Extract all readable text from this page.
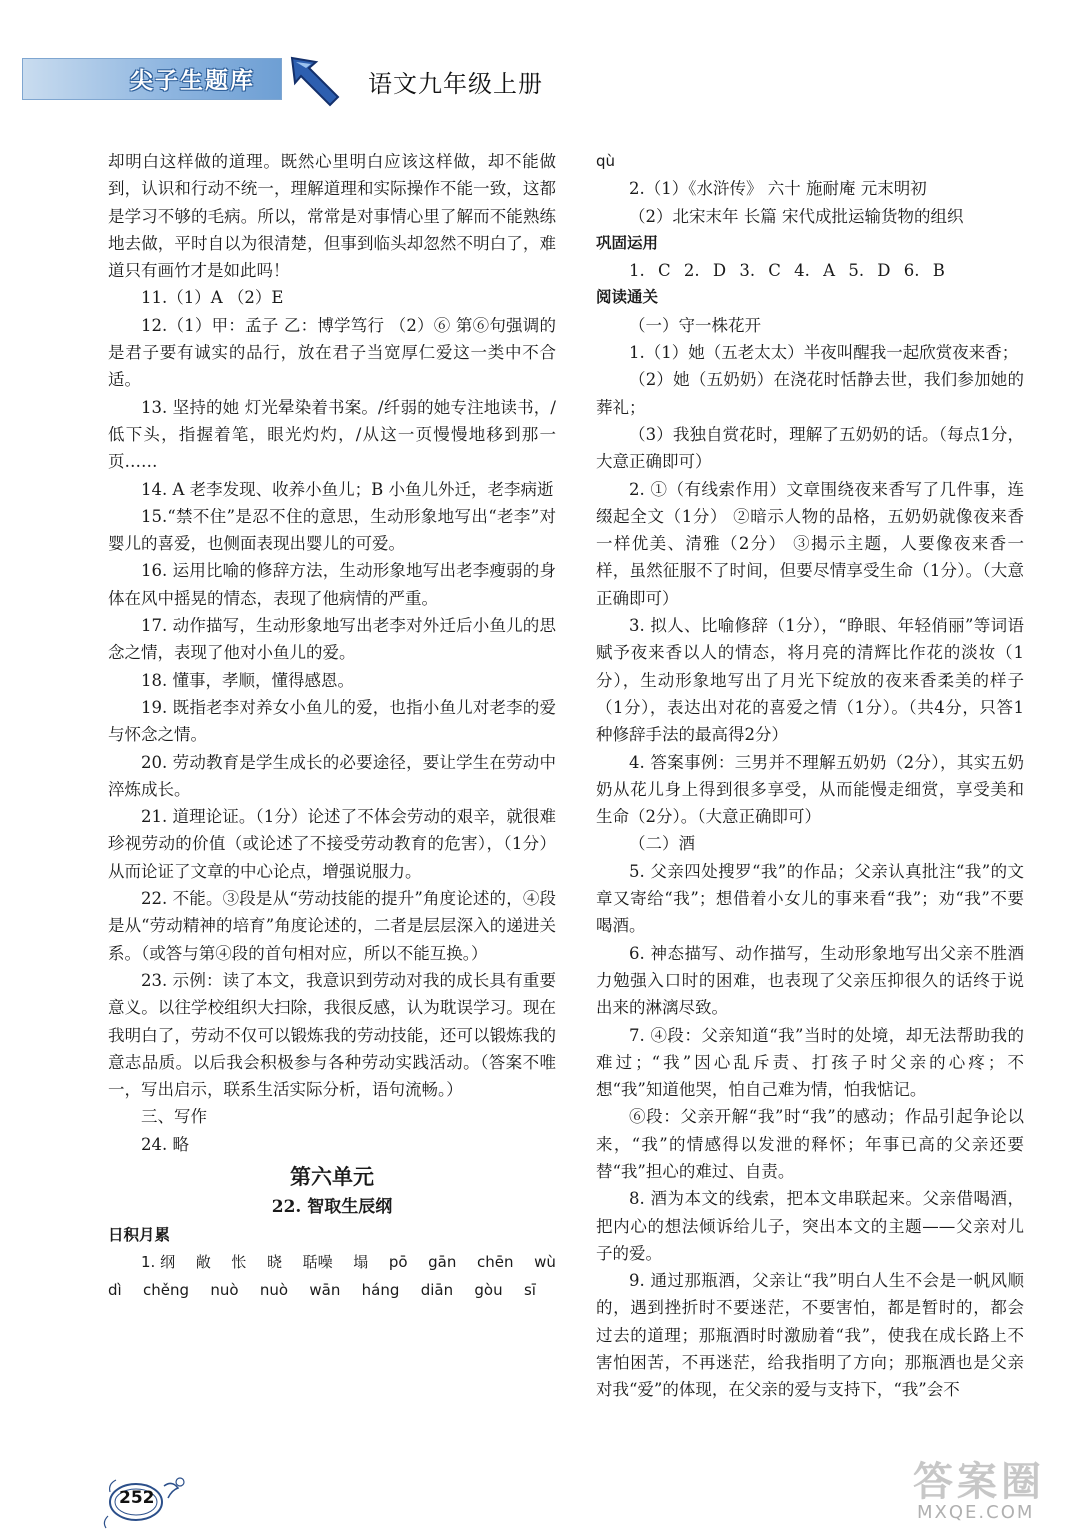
尖子生题库	语文九年级上册

却明白这样做的道理。既然心里明白应该这样做，却不能做到，认识和行动不统一，理解道理和实际操作不能一致，这都是学习不够的毛病。所以，常常是对事情心里了解而不能熟练地去做，平时自以为很清楚，但事到临头却忽然不明白了，难道只有画竹才是如此吗！

11.（1）A （2）E

12.（1）甲：孟子 乙：博学笃行 （2）⑥ 第⑥句强调的是君子要有诚实的品行，放在君子当宽厚仁爱这一类中不合适。

13. 坚持的她 灯光晕染着书案。/纤弱的她专注地读书，/低下头，指握着笔，眼光灼灼，/从这一页慢慢地移到那一页……

14. A 老李发现、收养小鱼儿；B 小鱼儿外迁，老李病逝

15.“禁不住”是忍不住的意思，生动形象地写出“老李”对婴儿的喜爱，也侧面表现出婴儿的可爱。

16. 运用比喻的修辞方法，生动形象地写出老李瘦弱的身体在风中摇晃的情态，表现了他病情的严重。

17. 动作描写，生动形象地写出老李对外迁后小鱼儿的思念之情，表现了他对小鱼儿的爱。

18. 懂事，孝顺，懂得感恩。

19. 既指老李对养女小鱼儿的爱，也指小鱼儿对老李的爱与怀念之情。

20. 劳动教育是学生成长的必要途径，要让学生在劳动中淬炼成长。

21. 道理论证。（1分）论述了不体会劳动的艰辛，就很难珍视劳动的价值（或论述了不接受劳动教育的危害），（1分）从而论证了文章的中心论点，增强说服力。

22. 不能。③段是从“劳动技能的提升”角度论述的，④段是从“劳动精神的培育”角度论述的，二者是层层深入的递进关系。（或答与第④段的首句相对应，所以不能互换。）

23. 示例：读了本文，我意识到劳动对我的成长具有重要意义。以往学校组织大扫除，我很反感，认为耽误学习。现在我明白了，劳动不仅可以锻炼我的劳动技能，还可以锻炼我的意志品质。以后我会积极参与各种劳动实践活动。（答案不唯一，写出启示，联系生活实际分析，语句流畅。）

三、写作

24. 略

第六单元

22. 智取生辰纲

日积月累

1. 纲 敞 怅 晓 聒噪 塌 pō gān chēn wù
dì chěng nuò nuò wān háng diān gòu sī

qù

2.（1）《水浒传》 六十 施耐庵 元末明初

（2）北宋末年 长篇 宋代成批运输货物的组织

巩固运用

1. C 2. D 3. C 4. A 5. D 6. B

阅读通关

（一）守一株花开

1.（1）她（五老太太）半夜叫醒我一起欣赏夜来香；

（2）她（五奶奶）在浇花时恬静去世，我们参加她的葬礼；

（3）我独自赏花时，理解了五奶奶的话。（每点1分，大意正确即可）

2. ①（有线索作用）文章围绕夜来香写了几件事，连缀起全文（1分） ②暗示人物的品格，五奶奶就像夜来香一样优美、清雅（2分） ③揭示主题，人要像夜来香一样，虽然征服不了时间，但要尽情享受生命（1分）。（大意正确即可）

3. 拟人、比喻修辞（1分），“睁眼、年轻俏丽”等词语赋予夜来香以人的情态，将月亮的清辉比作花的淡妆（1分），生动形象地写出了月光下绽放的夜来香柔美的样子（1分），表达出对花的喜爱之情（1分）。（共4分，只答1种修辞手法的最高得2分）

4. 答案事例：三男并不理解五奶奶（2分），其实五奶奶从花儿身上得到很多享受，从而能慢走细赏，享受美和生命（2分）。（大意正确即可）

（二）酒

5. 父亲四处搜罗“我”的作品；父亲认真批注“我”的文章又寄给“我”；想借着小女儿的事来看“我”；劝“我”不要喝酒。

6. 神态描写、动作描写，生动形象地写出父亲不胜酒力勉强入口时的困难，也表现了父亲压抑很久的话终于说出来的淋漓尽致。

7. ④段：父亲知道“我”当时的处境，却无法帮助我的难过；“我”因心乱斥责、打孩子时父亲的心疼；不想“我”知道他哭，怕自己难为情，怕我惦记。

⑥段：父亲开解“我”时“我”的感动；作品引起争论以来，“我”的情感得以发泄的释怀；年事已高的父亲还要替“我”担心的难过、自责。

8. 酒为本文的线索，把本文串联起来。父亲借喝酒，把内心的想法倾诉给儿子，突出本文的主题——父亲对儿子的爱。

9. 通过那瓶酒，父亲让“我”明白人生不会是一帆风顺的，遇到挫折时不要迷茫，不要害怕，都是暂时的，都会过去的道理；那瓶酒时时激励着“我”，使我在成长路上不害怕困苦，不再迷茫，给我指明了方向；那瓶酒也是父亲对我“爱”的体现，在父亲的爱与支持下，“我”会不

252	答案圈
MXQE.COM
